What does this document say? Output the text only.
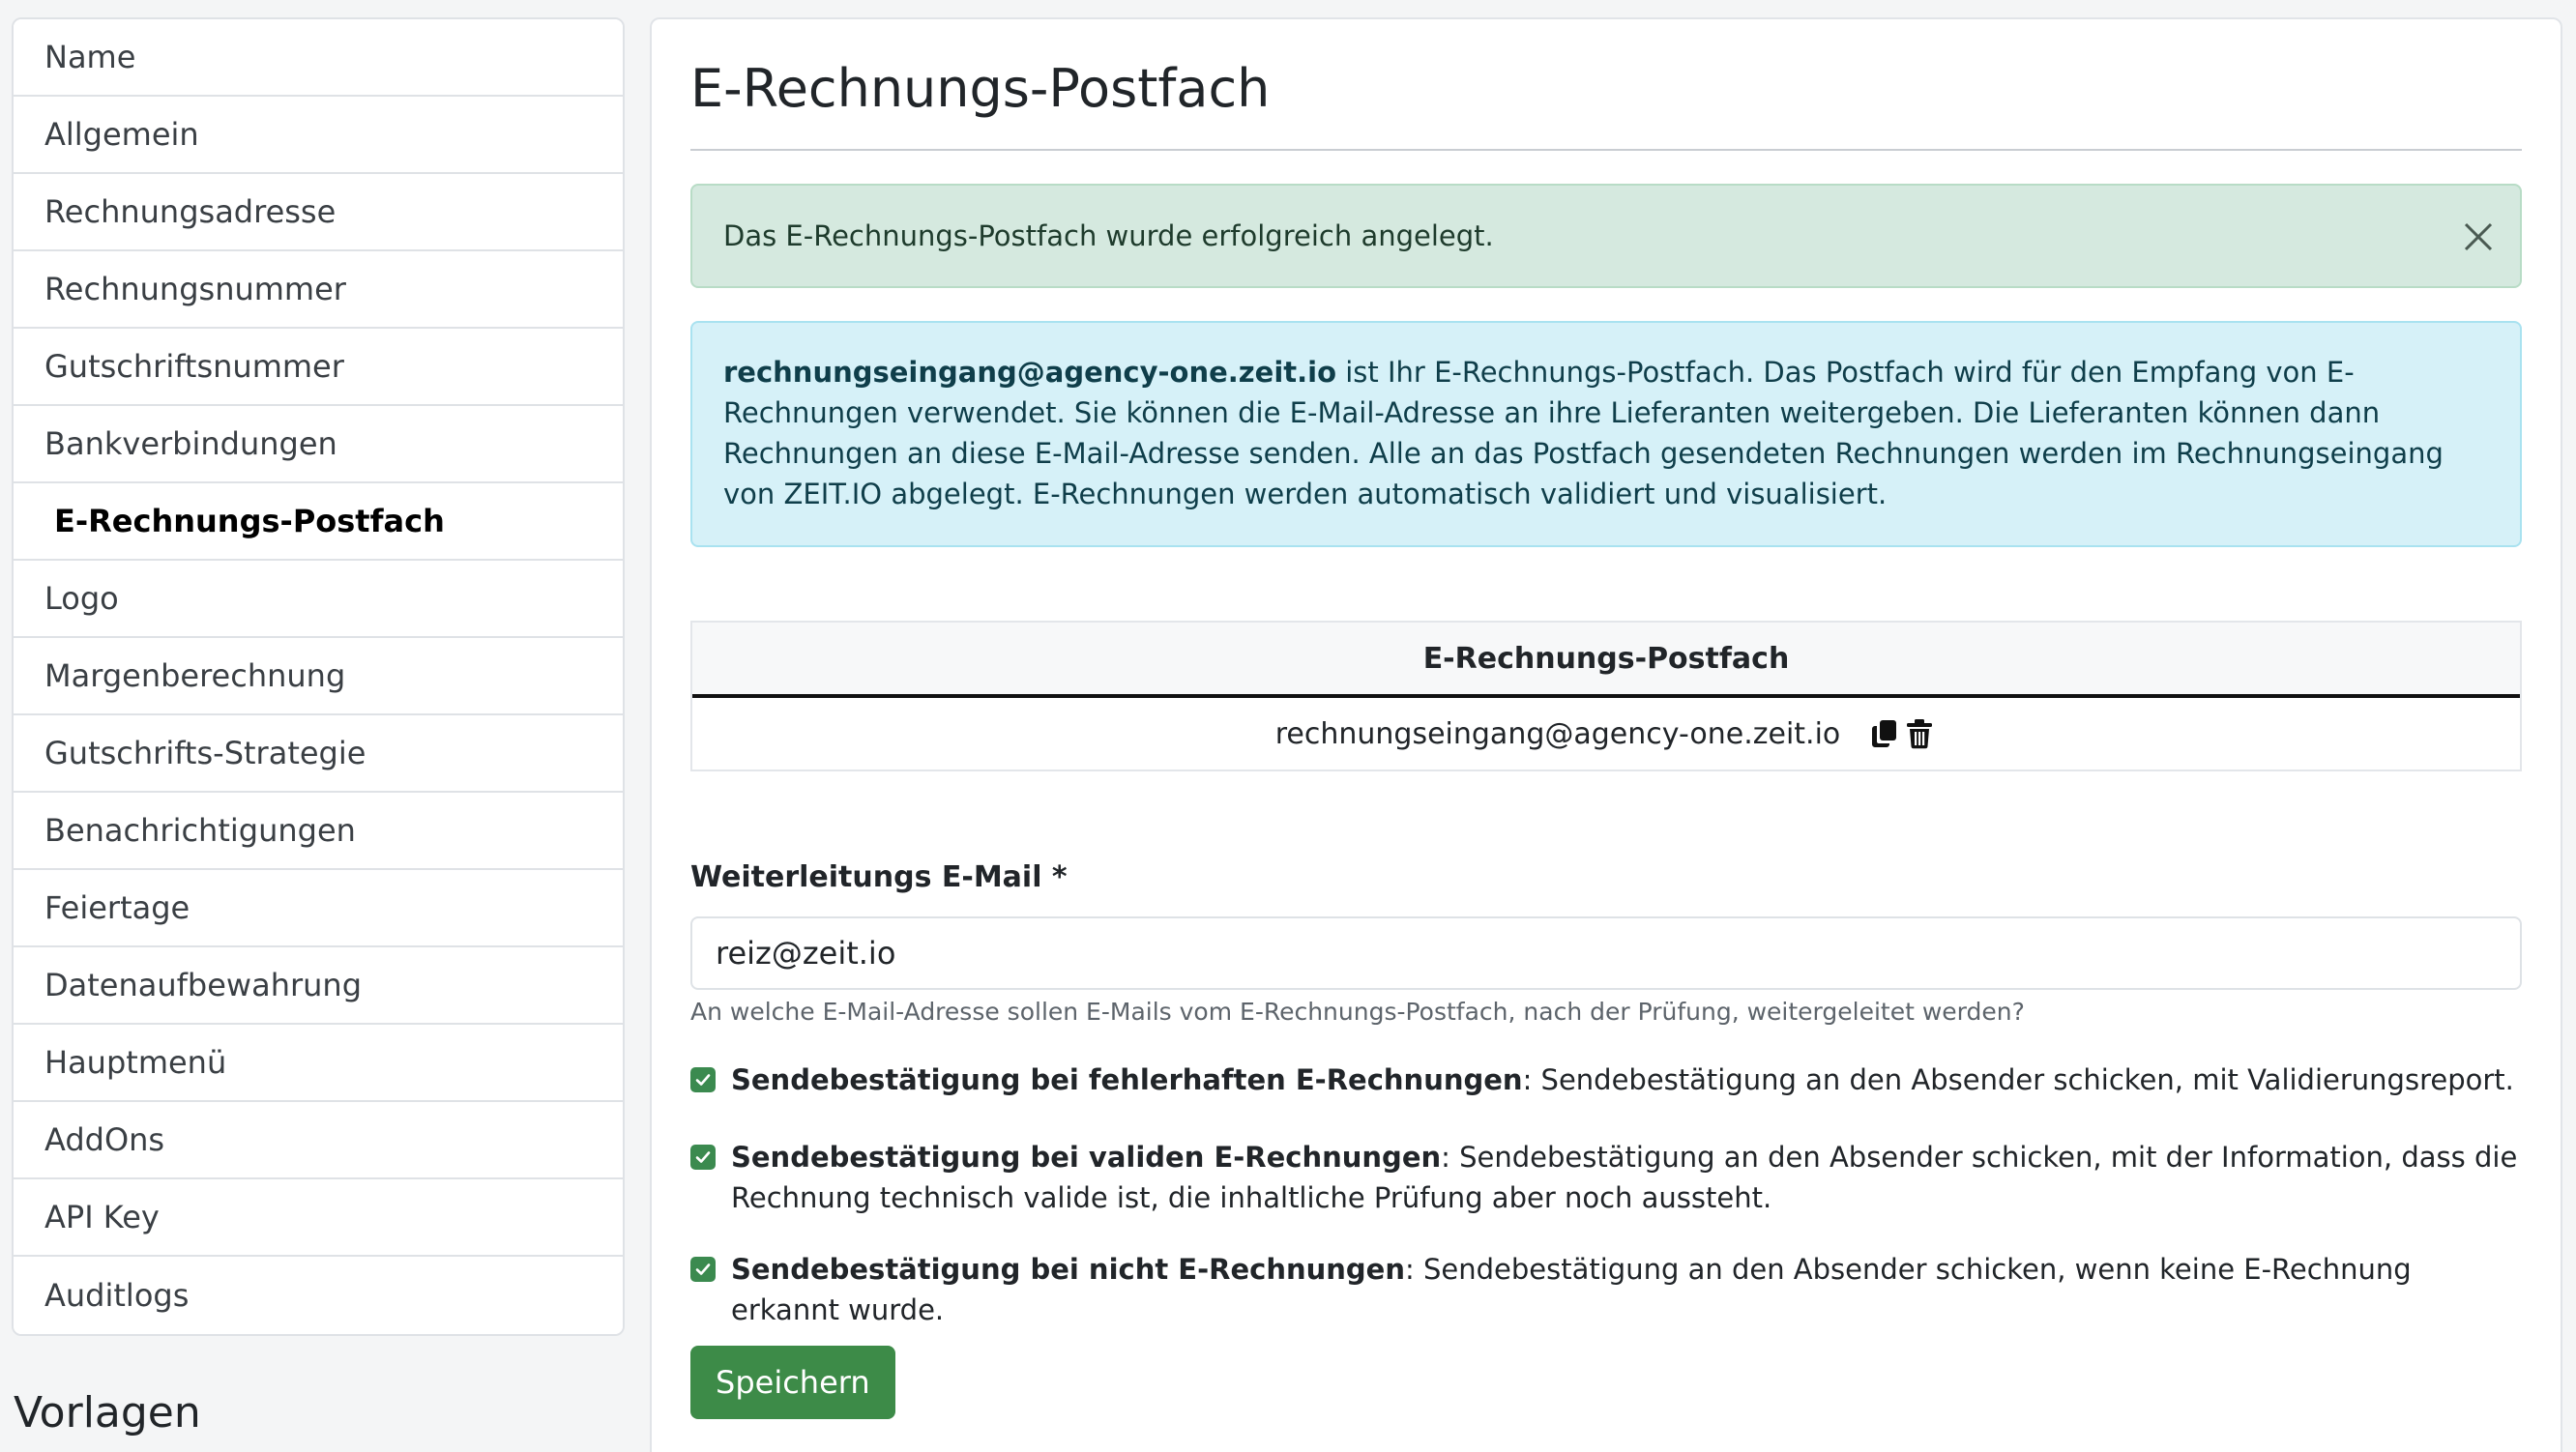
Name
Allgemein
Rechnungsadresse
Rechnungsnummer
Gutschriftsnummer
Bankverbindungen
E-Rechnungs-Postfach
Logo
Margenberechnung
Gutschrifts-Strategie
Benachrichtigungen
Feiertage
Datenaufbewahrung
Hauptmenü
AddOns
API Key
Auditlogs
Vorlagen
E-Rechnungs-Postfach
Das E-Rechnungs-Postfach wurde erfolgreich angelegt.
rechnungseingang@agency-one.zeit.io ist Ihr E-Rechnungs-Postfach. Das Postfach wird für den Empfang von E-Rechnungen verwendet. Sie können die E-Mail-Adresse an ihre Lieferanten weitergeben. Die Lieferanten können dann Rechnungen an diese E-Mail-Adresse senden. Alle an das Postfach gesendeten Rechnungen werden im Rechnungseingang von ZEIT.IO abgelegt. E-Rechnungen werden automatisch validiert und visualisiert.
E-Rechnungs-Postfach
rechnungseingang@agency-one.zeit.io
Weiterleitungs E-Mail *
reiz@zeit.io
An welche E-Mail-Adresse sollen E-Mails vom E-Rechnungs-Postfach, nach der Prüfung, weitergeleitet werden?
Sendebestätigung bei fehlerhaften E-Rechnungen: Sendebestätigung an den Absender schicken, mit Validierungsreport.
Sendebestätigung bei validen E-Rechnungen: Sendebestätigung an den Absender schicken, mit der Information, dass die Rechnung technisch valide ist, die inhaltliche Prüfung aber noch aussteht.
Sendebestätigung bei nicht E-Rechnungen: Sendebestätigung an den Absender schicken, wenn keine E-Rechnung erkannt wurde.
Speichern
